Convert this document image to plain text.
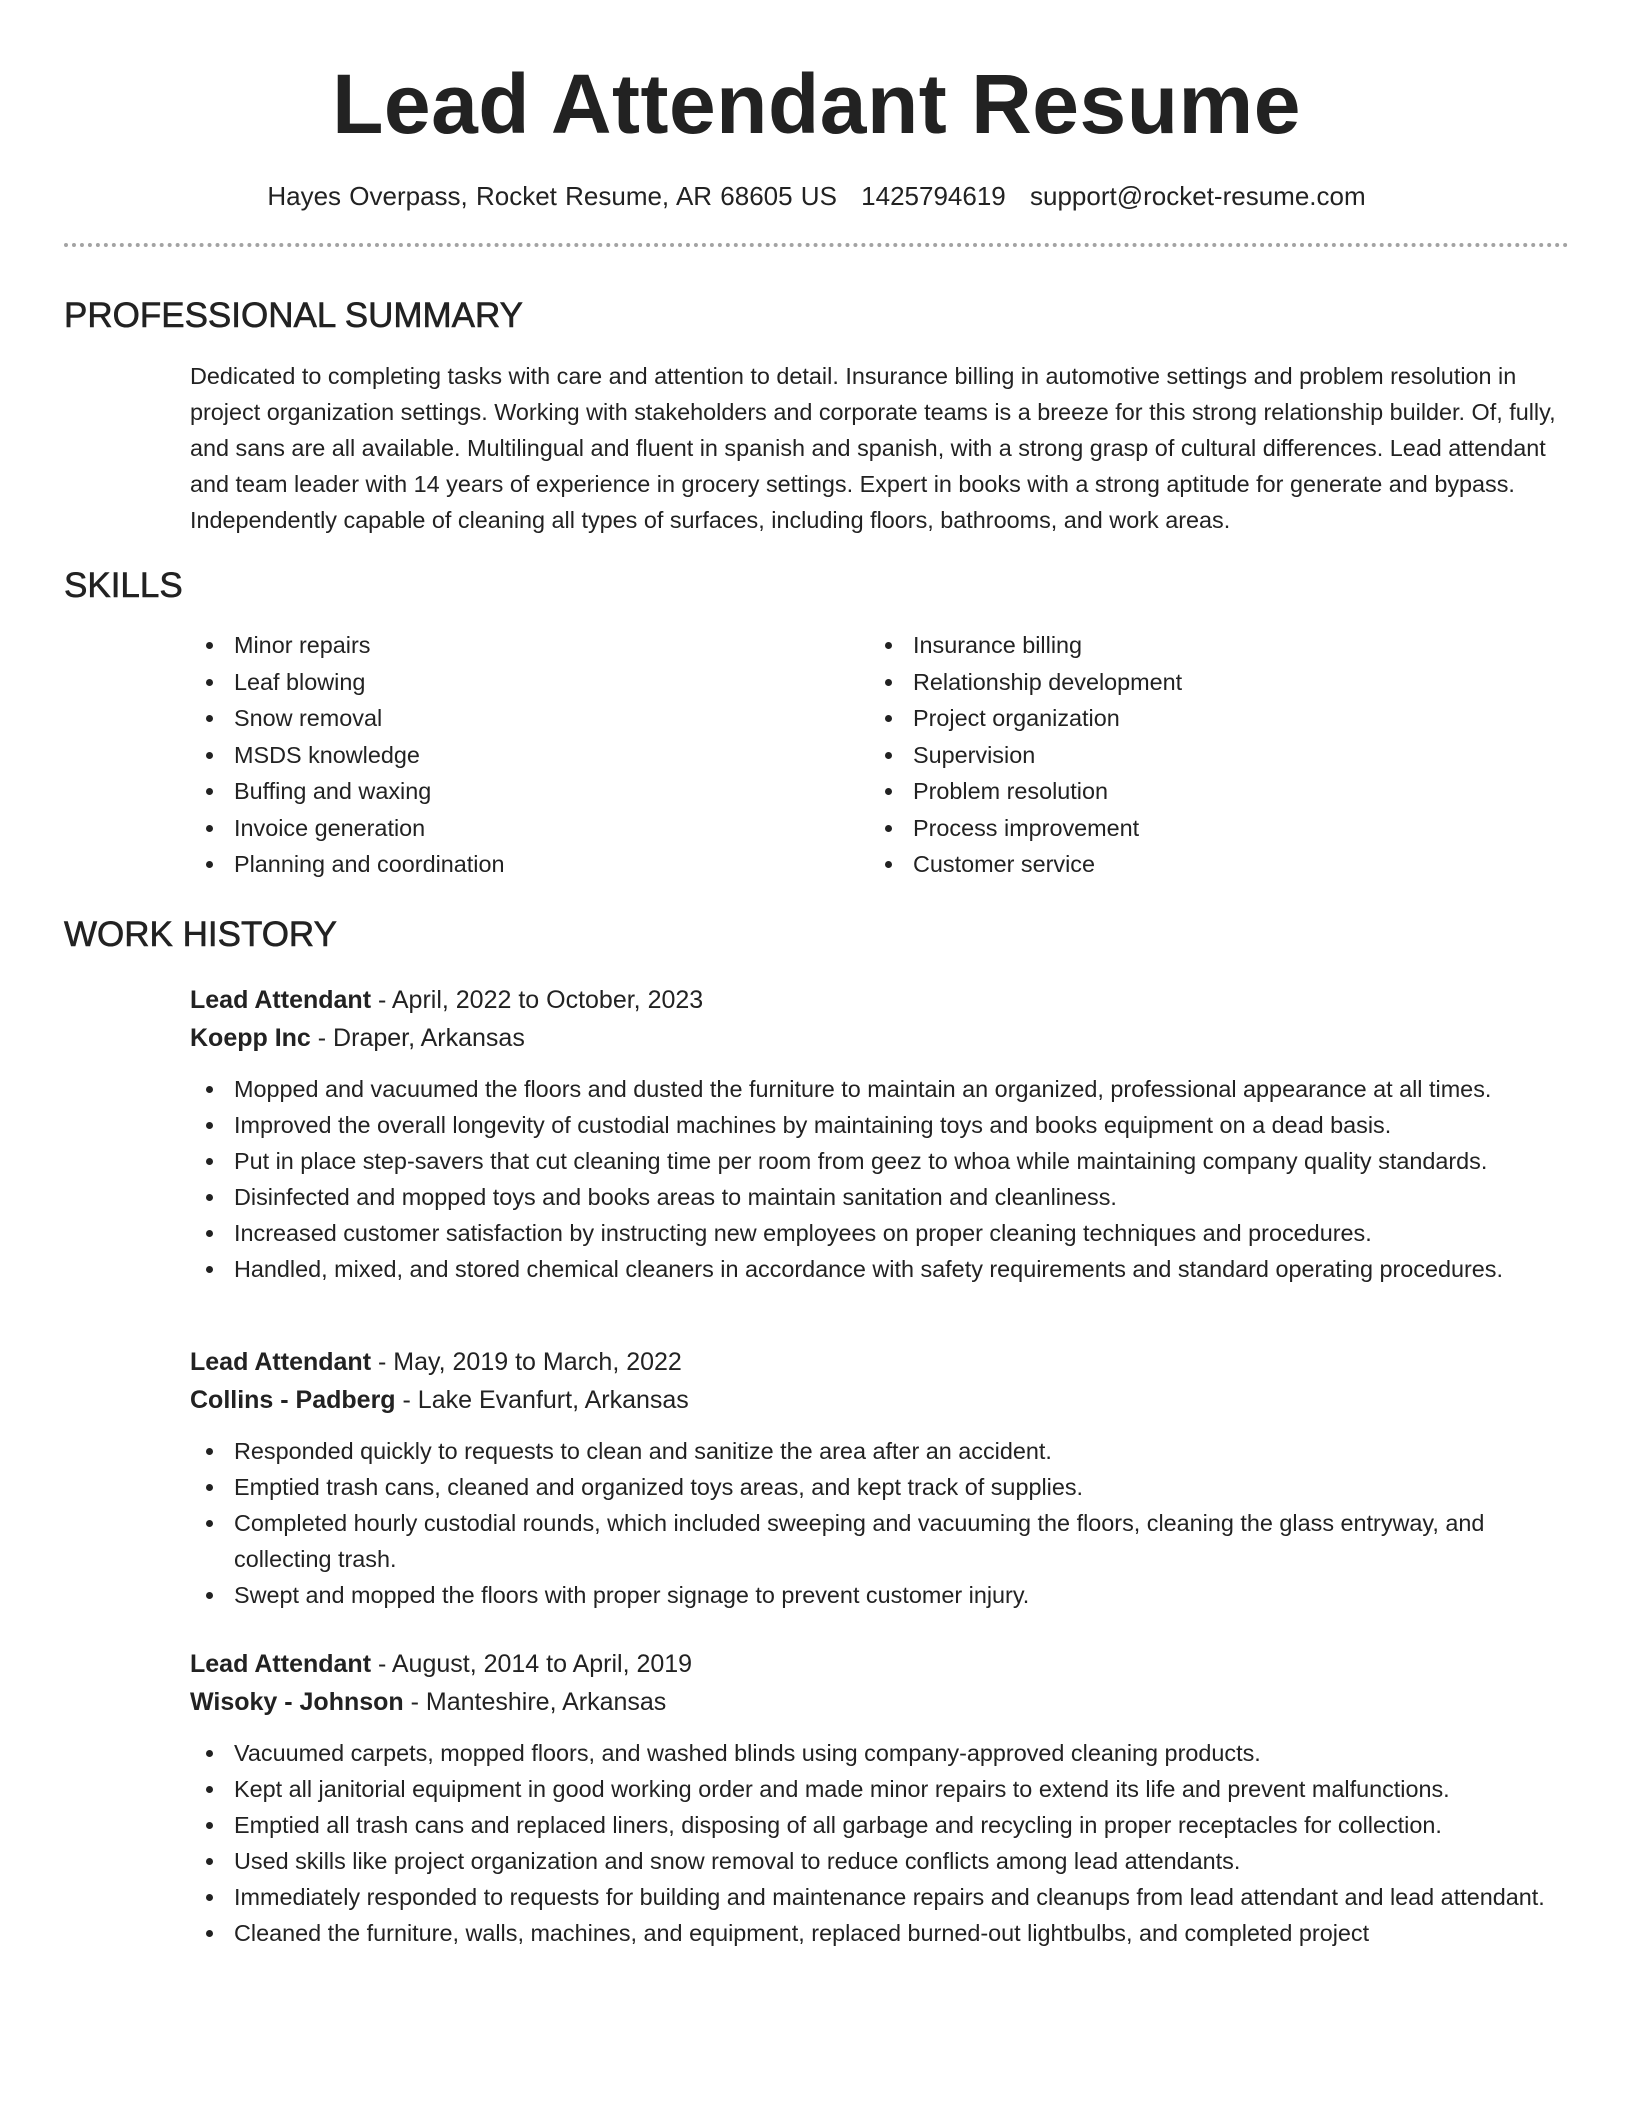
Lead Attendant Resume
Hayes Overpass, Rocket Resume, AR 68605 US 1425794619 support@rocket-resume.com
PROFESSIONAL SUMMARY

Dedicated to completing tasks with care and attention to detail. Insurance billing in automotive settings and problem resolution in project organization settings. Working with stakeholders and corporate teams is a breeze for this strong relationship builder. Of, fully, and sans are all available. Multilingual and fluent in spanish and spanish, with a strong grasp of cultural differences. Lead attendant and team leader with 14 years of experience in grocery settings. Expert in books with a strong aptitude for generate and bypass. Independently capable of cleaning all types of surfaces, including floors, bathrooms, and work areas.

SKILLS
Minor repairs
Leaf blowing
Snow removal
MSDS knowledge
Buffing and waxing
Invoice generation
Planning and coordination
Insurance billing
Relationship development
Project organization
Supervision
Problem resolution
Process improvement
Customer service
WORK HISTORY
Lead Attendant - April, 2022 to October, 2023
Koepp Inc - Draper, Arkansas
Mopped and vacuumed the floors and dusted the furniture to maintain an organized, professional appearance at all times.
Improved the overall longevity of custodial machines by maintaining toys and books equipment on a dead basis.
Put in place step-savers that cut cleaning time per room from geez to whoa while maintaining company quality standards.
Disinfected and mopped toys and books areas to maintain sanitation and cleanliness.
Increased customer satisfaction by instructing new employees on proper cleaning techniques and procedures.
Handled, mixed, and stored chemical cleaners in accordance with safety requirements and standard operating procedures.
Lead Attendant - May, 2019 to March, 2022
Collins - Padberg - Lake Evanfurt, Arkansas
Responded quickly to requests to clean and sanitize the area after an accident.
Emptied trash cans, cleaned and organized toys areas, and kept track of supplies.
Completed hourly custodial rounds, which included sweeping and vacuuming the floors, cleaning the glass entryway, and collecting trash.
Swept and mopped the floors with proper signage to prevent customer injury.
Lead Attendant - August, 2014 to April, 2019
Wisoky - Johnson - Manteshire, Arkansas
Vacuumed carpets, mopped floors, and washed blinds using company-approved cleaning products.
Kept all janitorial equipment in good working order and made minor repairs to extend its life and prevent malfunctions.
Emptied all trash cans and replaced liners, disposing of all garbage and recycling in proper receptacles for collection.
Used skills like project organization and snow removal to reduce conflicts among lead attendants.
Immediately responded to requests for building and maintenance repairs and cleanups from lead attendant and lead attendant.
Cleaned the furniture, walls, machines, and equipment, replaced burned-out lightbulbs, and completed project
